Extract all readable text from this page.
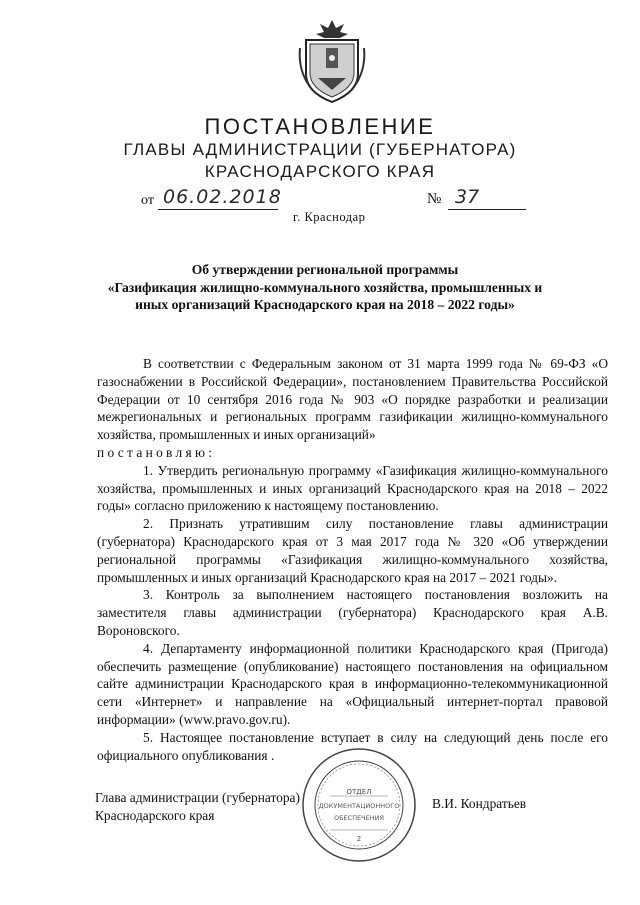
ПОСТАНОВЛЕНИЕ
ГЛАВЫ АДМИНИСТРАЦИИ (ГУБЕРНАТОРА)
КРАСНОДАРСКОГО КРАЯ
от 06.02.2018	№ 37
г. Краснодар
Об утверждении региональной программы
«Газификация жилищно-коммунального хозяйства, промышленных и
иных организаций Краснодарского края на 2018 – 2022 годы»

В соответствии с Федеральным законом от 31 марта 1999 года № 69-ФЗ «О газоснабжении в Российской Федерации», постановлением Правительства Российской Федерации от 10 сентября 2016 года № 903 «О порядке разработки и реализации межрегиональных и региональных программ газификации жилищно-коммунального хозяйства, промышленных и иных организаций»

постановляю:

1. Утвердить региональную программу «Газификация жилищно-коммунального хозяйства, промышленных и иных организаций Краснодарского края на 2018 – 2022 годы» согласно приложению к настоящему постановлению.

2. Признать утратившим силу постановление главы администрации (губернатора) Краснодарского края от 3 мая 2017 года № 320 «Об утверждении региональной программы «Газификация жилищно-коммунального хозяйства, промышленных и иных организаций Краснодарского края на 2017 – 2021 годы».

3. Контроль за выполнением настоящего постановления возложить на заместителя главы администрации (губернатора) Краснодарского края А.В. Вороновского.

4. Департаменту информационной политики Краснодарского края (Пригода) обеспечить размещение (опубликование) настоящего постановления на официальном сайте администрации Краснодарского края в информационно-телекоммуникационной сети «Интернет» и направление на «Официальный интернет-портал правовой информации» (www.pravo.gov.ru).

5. Настоящее постановление вступает в силу на следующий день после его официального опубликования .

ОТДЕЛ
ДОКУМЕНТАЦИОННОГО
ОБЕСПЕЧЕНИЯ
2
Глава администрации (губернатора)
Краснодарского края
В.И. Кондратьев
